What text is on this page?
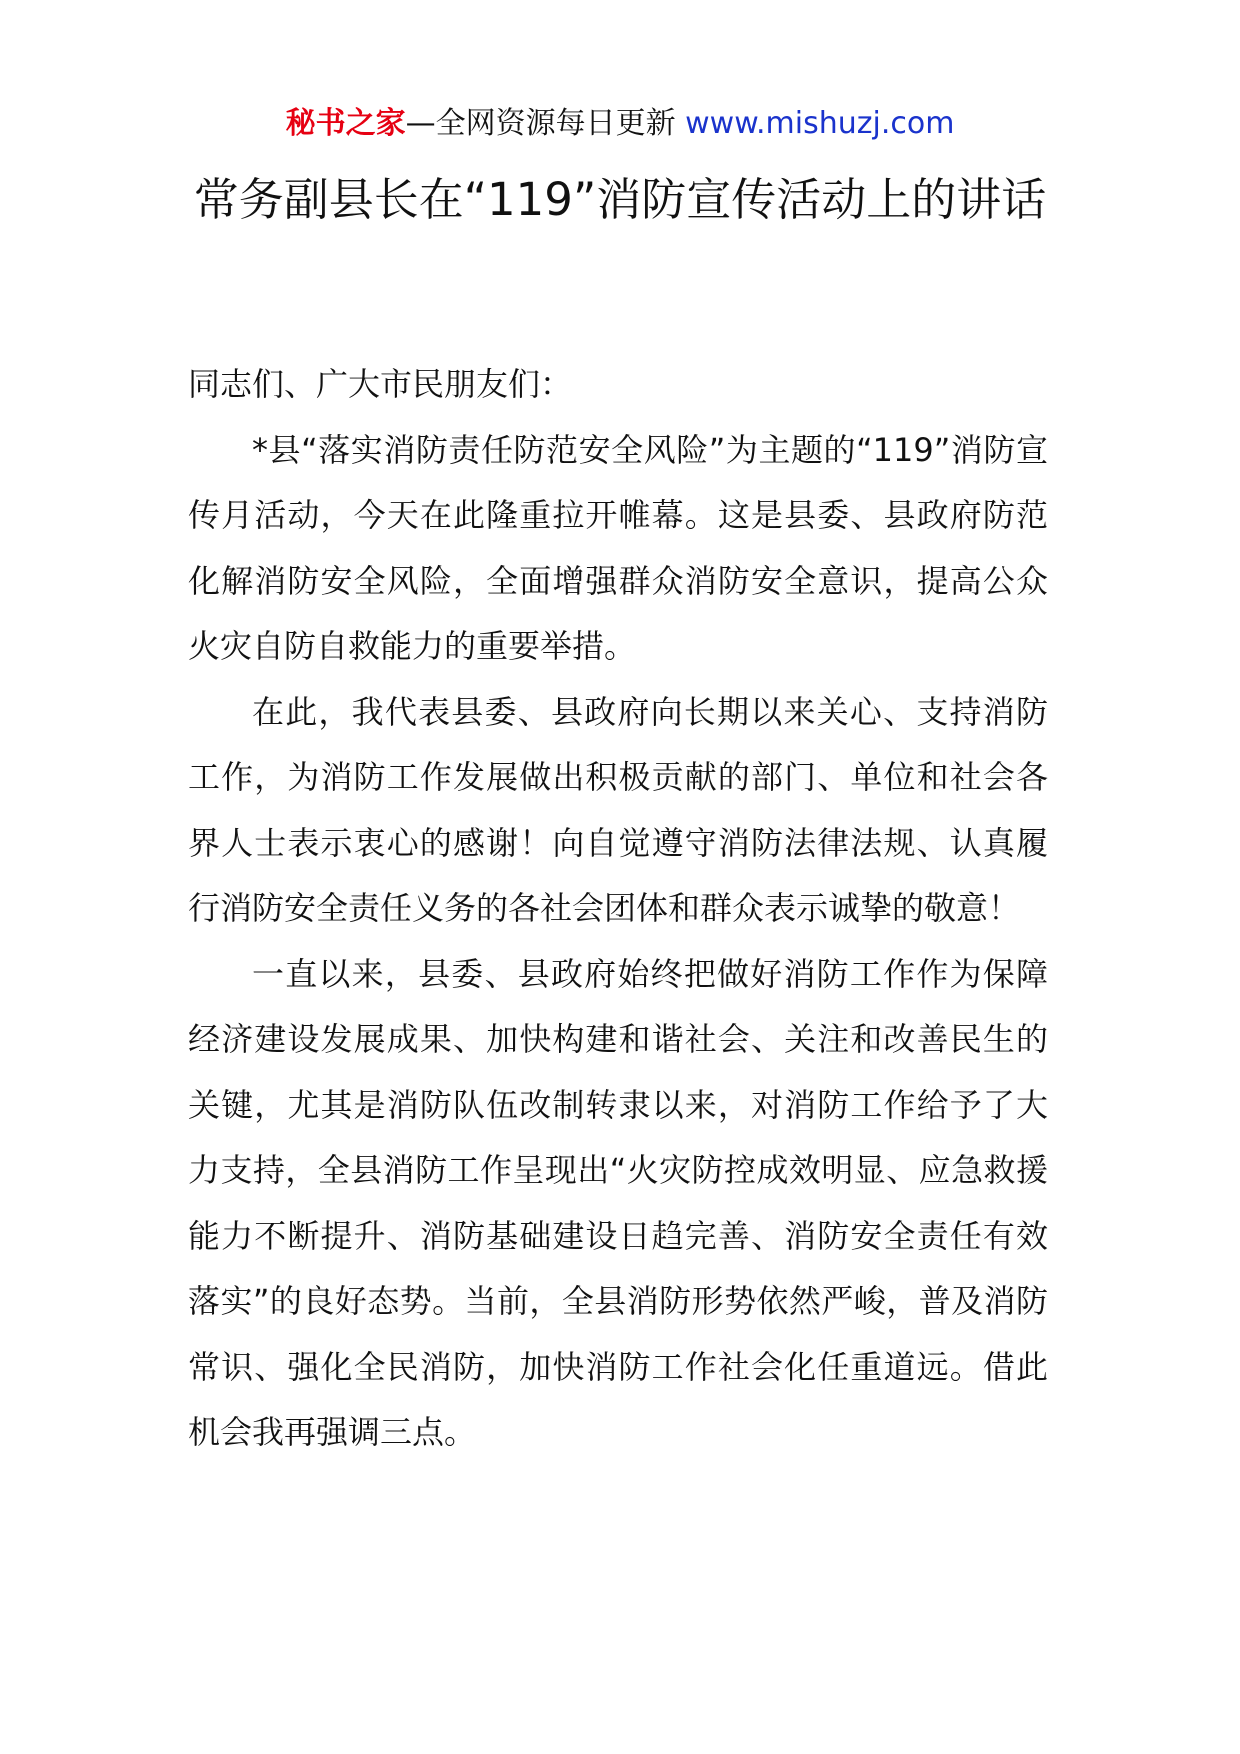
秘书之家—全网资源每日更新 www.mishuzj.com
常务副县长在“119”消防宣传活动上的讲话

同志们、广大市民朋友们：

*县“落实消防责任防范安全风险”为主题的“119”消防宣传月活动，今天在此隆重拉开帷幕。这是县委、县政府防范化解消防安全风险，全面增强群众消防安全意识，提高公众火灾自防自救能力的重要举措。

在此，我代表县委、县政府向长期以来关心、支持消防工作，为消防工作发展做出积极贡献的部门、单位和社会各界人士表示衷心的感谢！向自觉遵守消防法律法规、认真履行消防安全责任义务的各社会团体和群众表示诚挚的敬意！

一直以来，县委、县政府始终把做好消防工作作为保障经济建设发展成果、加快构建和谐社会、关注和改善民生的关键，尤其是消防队伍改制转隶以来，对消防工作给予了大力支持，全县消防工作呈现出“火灾防控成效明显、应急救援能力不断提升、消防基础建设日趋完善、消防安全责任有效落实”的良好态势。当前，全县消防形势依然严峻，普及消防常识、强化全民消防，加快消防工作社会化任重道远。借此机会我再强调三点。
